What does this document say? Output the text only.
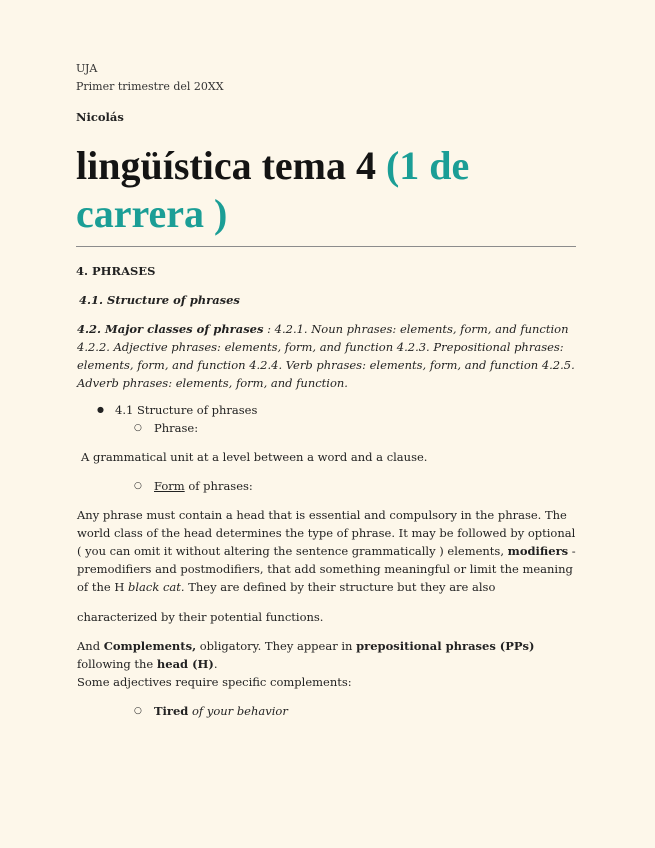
UJA
Primer trimestre del 20XX
Nicolás
lingüística tema 4 (1 de carrera )

4. PHRASES

4.1. Structure of phrases

4.2. Major classes of phrases : 4.2.1. Noun phrases: elements, form, and function 4.2.2. Adjective phrases: elements, form, and function 4.2.3. Prepositional phrases: elements, form, and function 4.2.4. Verb phrases: elements, form, and function 4.2.5. Adverb phrases: elements, form, and function.

● 4.1 Structure of phrases

○ Phrase:

A grammatical unit at a level between a word and a clause.

○ Form of phrases:

Any phrase must contain a head that is essential and compulsory in the phrase. The world class of the head determines the type of phrase. It may be followed by optional ( you can omit it without altering the sentence grammatically ) elements, modifiers - premodifiers and postmodifiers, that add something meaningful or limit the meaning of the H black cat. They are defined by their structure but they are also

characterized by their potential functions.

And Complements, obligatory. They appear in prepositional phrases (PPs) following the head (H).

Some adjectives require specific complements:

○ Tired of your behavior
